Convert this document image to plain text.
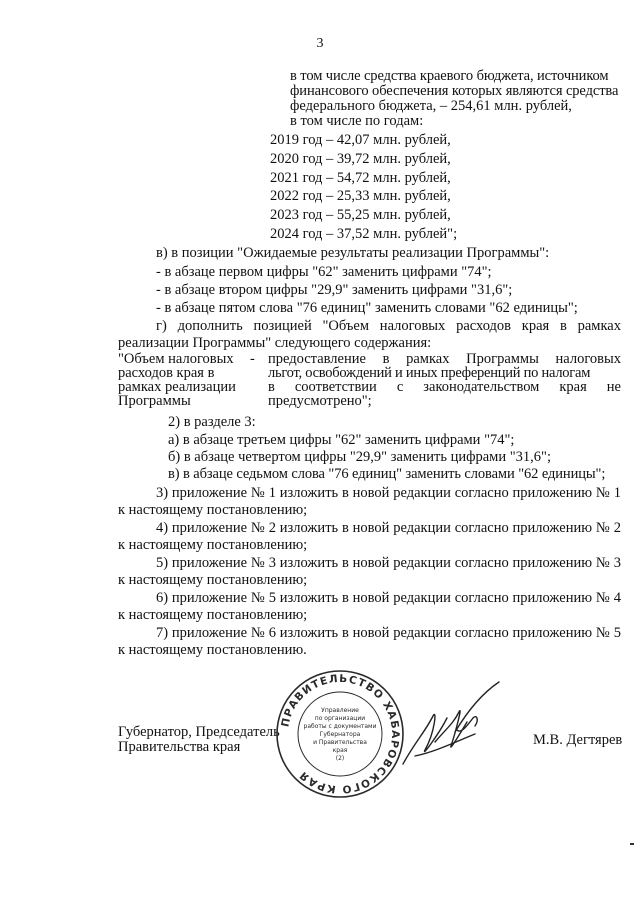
3
в том числе средства краевого бюджета, источником
финансового обеспечения которых являются средства
федерального бюджета, – 254,61 млн. рублей,
в том числе по годам:
2019 год – 42,07 млн. рублей,
2020 год – 39,72 млн. рублей,
2021 год – 54,72 млн. рублей,
2022 год – 25,33 млн. рублей,
2023 год – 55,25 млн. рублей,
2024 год – 37,52 млн. рублей";
в) в позиции "Ожидаемые результаты реализации Программы":
- в абзаце первом цифры "62" заменить цифрами "74";
- в абзаце втором цифры "29,9" заменить цифрами "31,6";
- в абзаце пятом слова "76 единиц" заменить словами "62 единицы";
г) дополнить позицией "Объем налоговых расходов края в рамках
реализации Программы" следующего содержания:
"Объем налоговых
расходов края в
рамках реализации
Программы
- предоставление в рамках Программы налоговых
льгот, освобождений и иных преференций по налогам
в соответствии с законодательством края не
предусмотрено";
2) в разделе 3:
а) в абзаце третьем цифры "62" заменить цифрами "74";
б) в абзаце четвертом цифры "29,9" заменить цифрами "31,6";
в) в абзаце седьмом слова "76 единиц" заменить словами "62 единицы";
3) приложение № 1 изложить в новой редакции согласно приложению № 1
к настоящему постановлению;
4) приложение № 2 изложить в новой редакции согласно приложению № 2
к настоящему постановлению;
5) приложение № 3 изложить в новой редакции согласно приложению № 3
к настоящему постановлению;
6) приложение № 5 изложить в новой редакции согласно приложению № 4
к настоящему постановлению;
7) приложение № 6 изложить в новой редакции согласно приложению № 5
к настоящему постановлению.
Губернатор, Председатель
Правительства края	М.В. Дегтярев
ПРАВИТЕЛЬСТВО ХАБАРОВСКОГО КРАЯ
Управление
по организации
работы с документами
Губернатора
и Правительства
края
(2)
